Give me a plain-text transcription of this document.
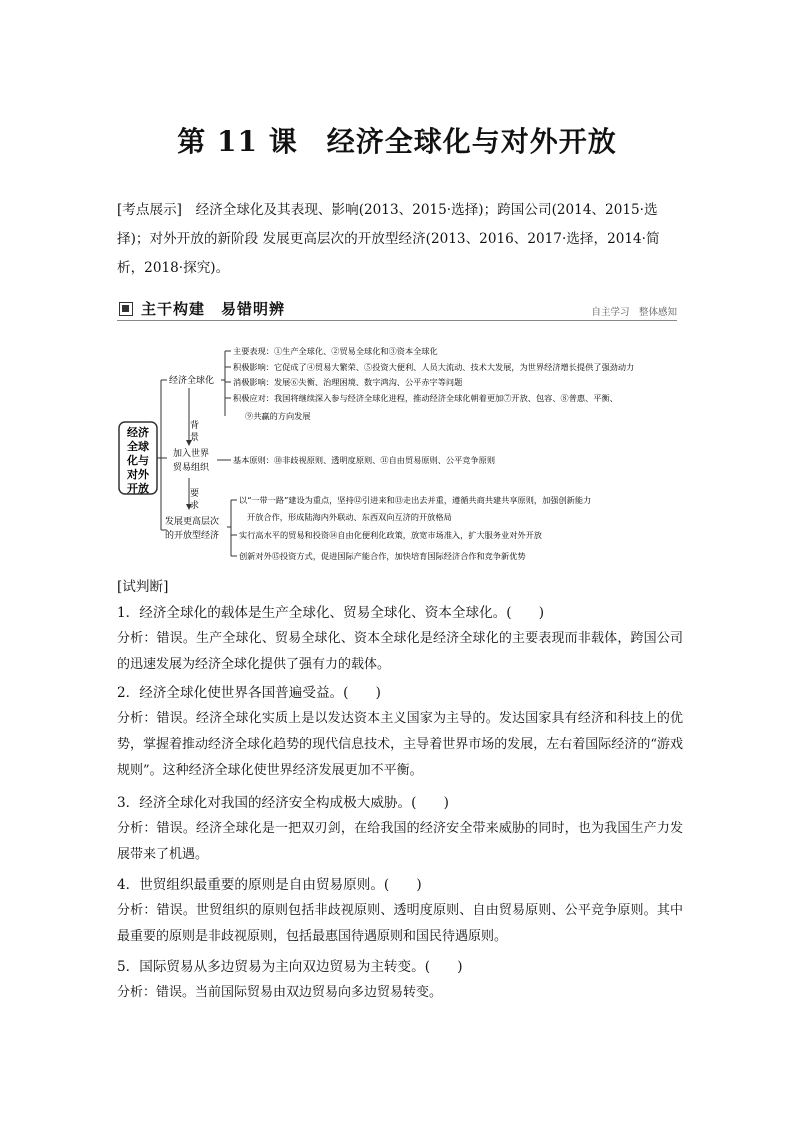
第 11 课　经济全球化与对外开放
[考点展示]　经济全球化及其表现、影响(2013、2015·选择)；跨国公司(2014、2015·选择)；对外开放的新阶段 发展更高层次的开放型经济(2013、2016、2017·选择，2014·简析，2018·探究)。
主干构建　易错明辨	自主学习　整体感知
经济
全球
化与
对外
开放
经济全球化
背景
加入世界
贸易组织
要求
发展更高层次
的开放型经济
主要表现：①生产全球化、②贸易全球化和③资本全球化
积极影响：它促成了④贸易大繁荣、⑤投资大便利、人员大流动、技术大发展，为世界经济增长提供了强劲动力
消极影响：发展⑥失衡、治理困境、数字鸿沟、公平赤字等问题
积极应对：我国将继续深入参与经济全球化进程，推动经济全球化朝着更加⑦开放、包容、⑧普惠、平衡、
⑨共赢的方向发展
基本原则：⑩非歧视原则、透明度原则、⑪自由贸易原则、公平竞争原则
以“一带一路”建设为重点，坚持⑫引进来和⑬走出去并重，遵循共商共建共享原则，加强创新能力
开放合作，形成陆海内外联动、东西双向互济的开放格局
实行高水平的贸易和投资⑭自由化便利化政策，放宽市场准入，扩大服务业对外开放
创新对外⑮投资方式，促进国际产能合作，加快培育国际经济合作和竞争新优势
[试判断]
1．经济全球化的载体是生产全球化、贸易全球化、资本全球化。(　　)
分析：错误。生产全球化、贸易全球化、资本全球化是经济全球化的主要表现而非载体，跨国公司的迅速发展为经济全球化提供了强有力的载体。
2．经济全球化使世界各国普遍受益。(　　)
分析：错误。经济全球化实质上是以发达资本主义国家为主导的。发达国家具有经济和科技上的优势，掌握着推动经济全球化趋势的现代信息技术，主导着世界市场的发展，左右着国际经济的“游戏规则”。这种经济全球化使世界经济发展更加不平衡。
3．经济全球化对我国的经济安全构成极大威胁。(　　)
分析：错误。经济全球化是一把双刃剑，在给我国的经济安全带来威胁的同时，也为我国生产力发展带来了机遇。
4．世贸组织最重要的原则是自由贸易原则。(　　)
分析：错误。世贸组织的原则包括非歧视原则、透明度原则、自由贸易原则、公平竞争原则。其中最重要的原则是非歧视原则，包括最惠国待遇原则和国民待遇原则。
5．国际贸易从多边贸易为主向双边贸易为主转变。(　　)
分析：错误。当前国际贸易由双边贸易向多边贸易转变。
